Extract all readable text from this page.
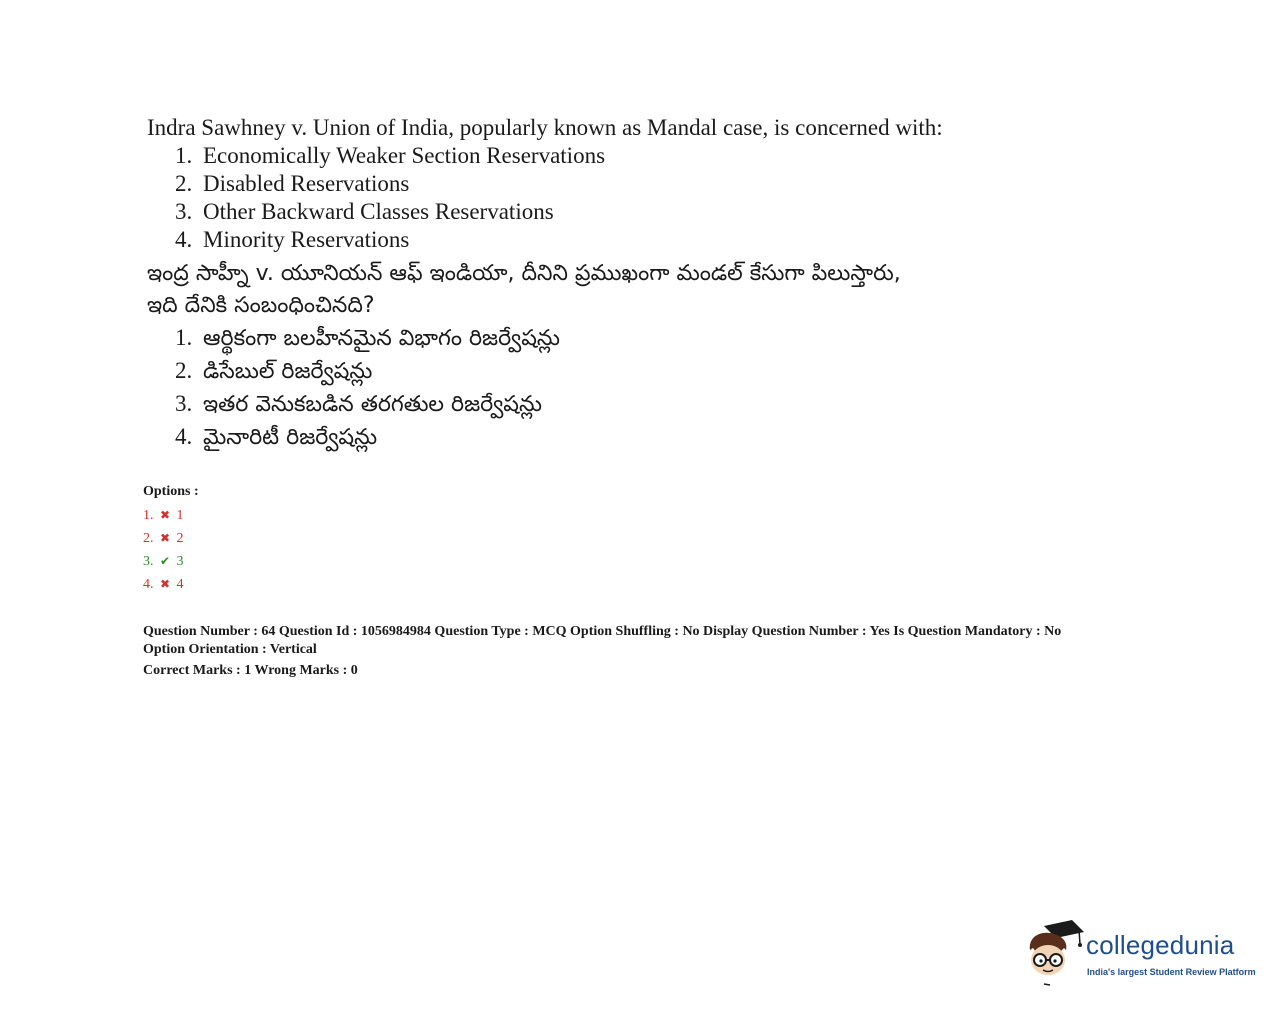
Indra Sawhney v. Union of India, popularly known as Mandal case, is concerned with:

1. Economically Weaker Section Reservations
2. Disabled Reservations
3. Other Backward Classes Reservations
4. Minority Reservations

ఇంద్ర సాహ్నీ v. యూనియన్ ఆఫ్ ఇండియా, దీనిని ప్రముఖంగా మండల్ కేసుగా పిలుస్తారు,
ఇది దేనికి సంబంధించినది?

1. ఆర్థికంగా బలహీనమైన విభాగం రిజర్వేషన్లు
2. డిసేబుల్ రిజర్వేషన్లు
3. ఇతర వెనుకబడిన తరగతుల రిజర్వేషన్లు
4. మైనారిటీ రిజర్వేషన్లు
Options :
1. ✖ 1
2. ✖ 2
3. ✔ 3
4. ✖ 4
Question Number : 64 Question Id : 1056984984 Question Type : MCQ Option Shuffling : No Display Question Number : Yes Is Question Mandatory : No
Option Orientation : Vertical
Correct Marks : 1 Wrong Marks : 0
collegedunia
India's largest Student Review Platform
